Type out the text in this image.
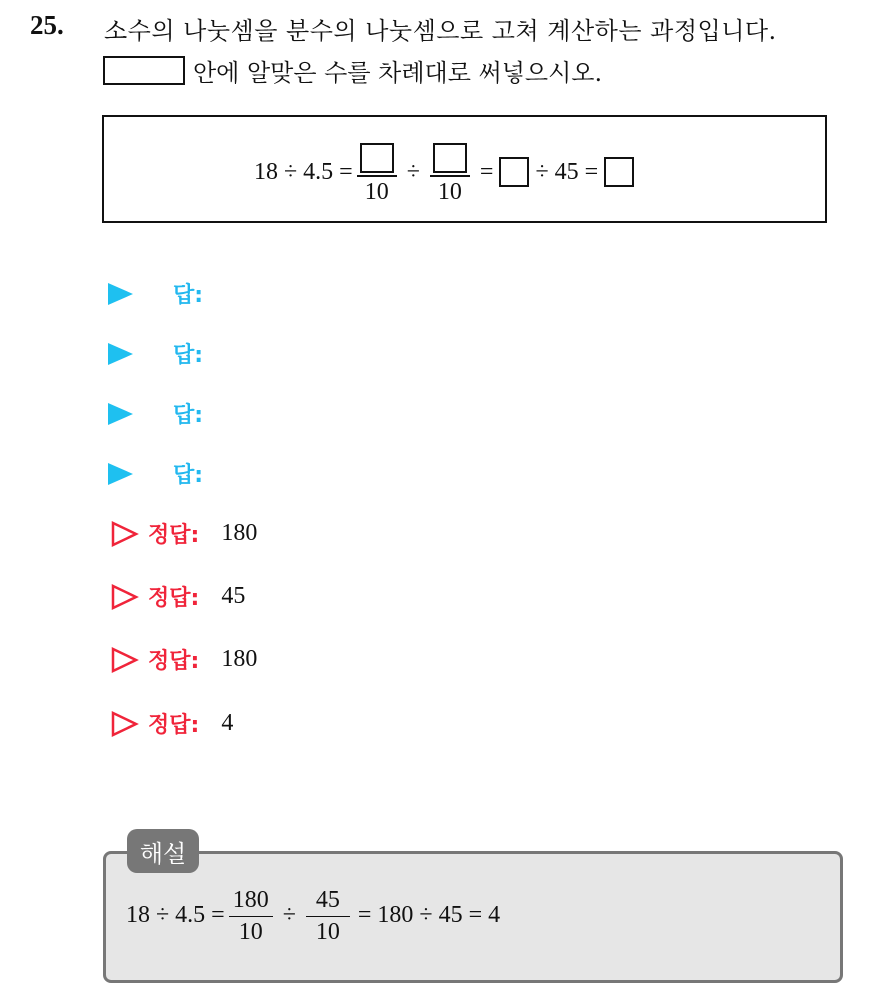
25. 소수의 나눗셈을 분수의 나눗셈으로 고쳐 계산하는 과정입니다.
안에 알맞은 수를 차례대로 써넣으시오.
18 ÷ 4.5 =
10
÷
10
= ÷ 45 =
답:
답:
답:
답:
정답: 180
정답: 45
정답: 180
정답: 4
$18 \div 4.5 = \frac{180}{10} \div \frac{45}{10} = 180 \div 45 = 4$
해설
